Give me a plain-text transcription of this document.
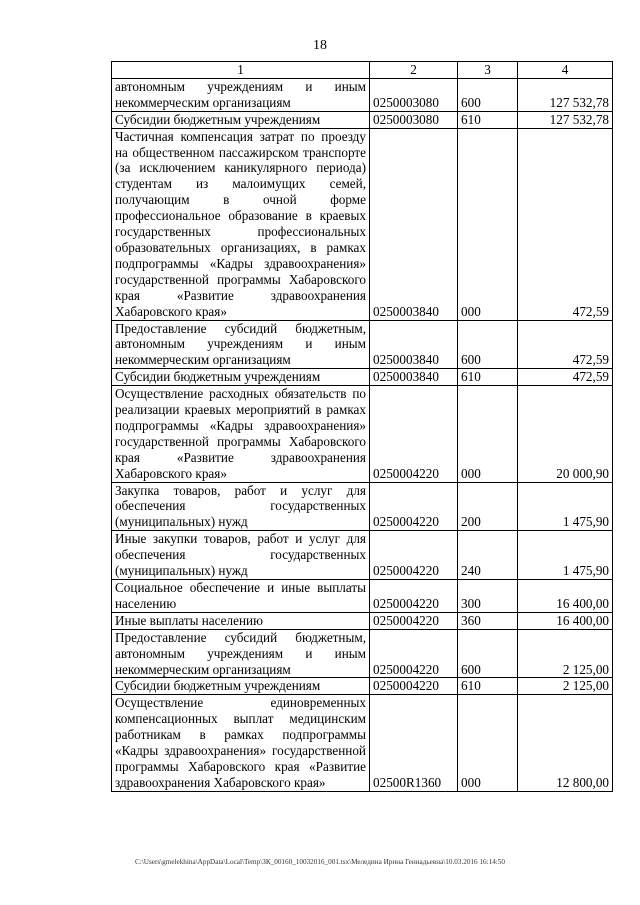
18
1	2	3	4
автономным учреждениям и иным некоммерческим организациям	0250003080	600	127 532,78
Субсидии бюджетным учреждениям	0250003080	610	127 532,78
Частичная компенсация затрат по проезду на общественном пассажирском транспорте (за исключением каникулярного периода) студентам из малоимущих семей, получающим в очной форме профессиональное образование в краевых государственных профессиональных образовательных организациях, в рамках подпрограммы «Кадры здравоохранения» государственной программы Хабаровского края «Развитие здравоохранения Хабаровского края»	0250003840	000	472,59
Предоставление субсидий бюджетным, автономным учреждениям и иным некоммерческим организациям	0250003840	600	472,59
Субсидии бюджетным учреждениям	0250003840	610	472,59
Осуществление расходных обязательств по реализации краевых мероприятий в рамках подпрограммы «Кадры здравоохранения» государственной программы Хабаровского края «Развитие здравоохранения Хабаровского края»	0250004220	000	20 000,90
Закупка товаров, работ и услуг для обеспечения государственных (муниципальных) нужд	0250004220	200	1 475,90
Иные закупки товаров, работ и услуг для обеспечения государственных (муниципальных) нужд	0250004220	240	1 475,90
Социальное обеспечение и иные выплаты населению	0250004220	300	16 400,00
Иные выплаты населению	0250004220	360	16 400,00
Предоставление субсидий бюджетным, автономным учреждениям и иным некоммерческим организациям	0250004220	600	2 125,00
Субсидии бюджетным учреждениям	0250004220	610	2 125,00
Осуществление единовременных компенсационных выплат медицинским работникам в рамках подпрограммы «Кадры здравоохранения» государственной программы Хабаровского края «Развитие здравоохранения Хабаровского края»	02500R1360	000	12 800,00
C:\Users\gmelekhina\AppData\Local\Temp\ЗК_00160_10032016_001.tsx\Меледина Ирина Геннадьевна\10.03.2016 16:14:50
